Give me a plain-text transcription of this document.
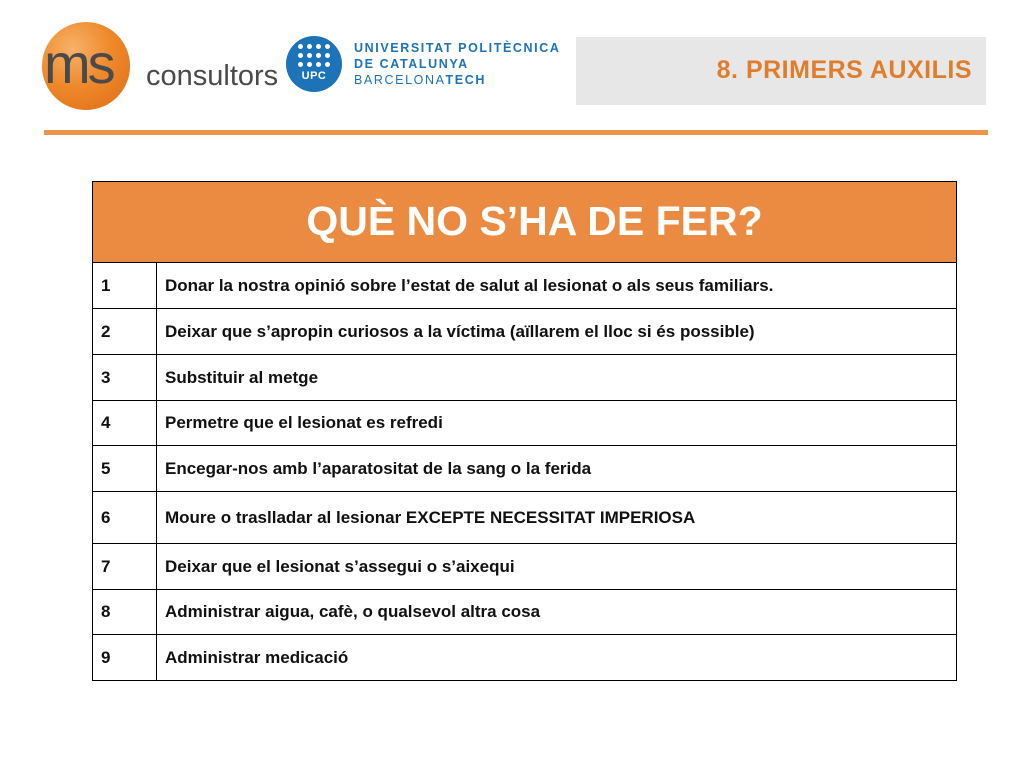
ms consultors	UPC
UNIVERSITAT POLITÈCNICA
DE CATALUNYA
BARCELONATECH	8. PRIMERS AUXILIS
QUÈ NO S’HA DE FER?
1	Donar la nostra opinió sobre l’estat de salut al lesionat o als seus familiars.
2	Deixar que s’apropin curiosos a la víctima (aïllarem el lloc si és possible)
3	Substituir al metge
4	Permetre que el lesionat es refredi
5	Encegar-nos amb l’aparatositat de la sang o la ferida
6	Moure o traslladar al lesionar EXCEPTE NECESSITAT IMPERIOSA
7	Deixar que el lesionat s’assegui o s’aixequi
8	Administrar aigua, cafè, o qualsevol altra cosa
9	Administrar medicació
